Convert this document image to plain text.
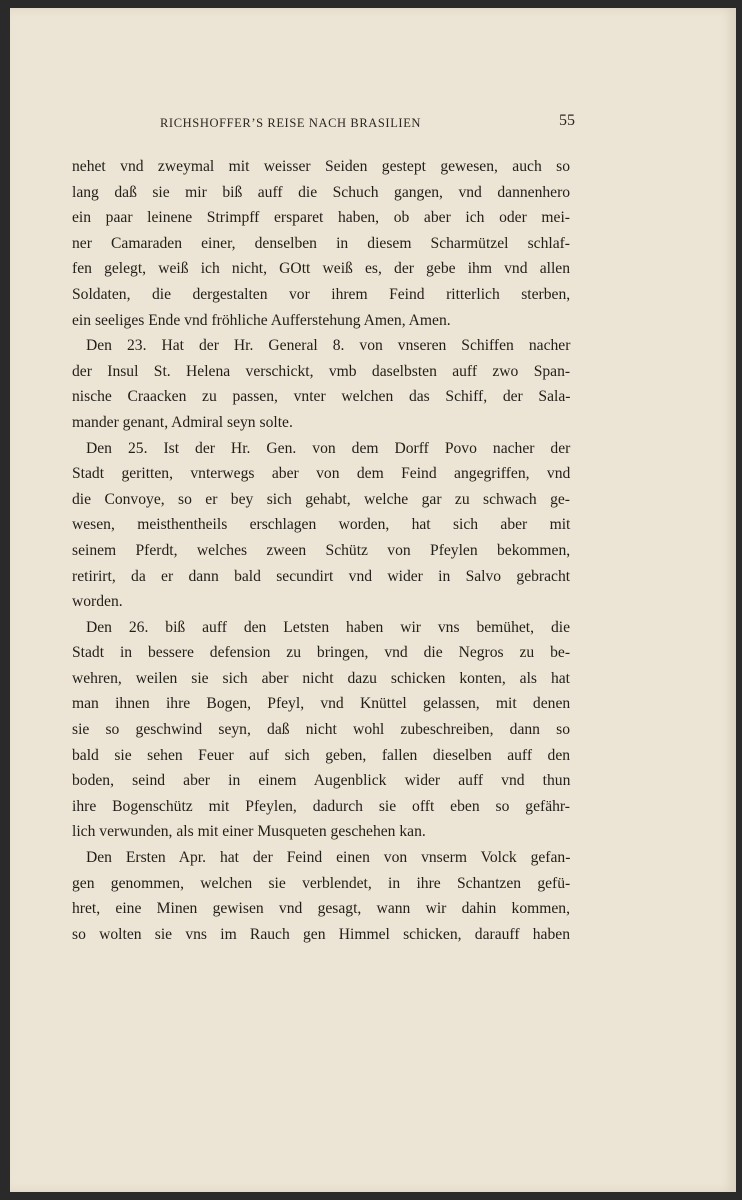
RICHSHOFFER’S REISE NACH BRASILIEN	55

nehet vnd zweymal mit weisser Seiden gestept gewesen, auch so
lang daß sie mir biß auff die Schuch gangen, vnd dannenhero
ein paar leinene Strimpff ersparet haben, ob aber ich oder mei-
ner Camaraden einer, denselben in diesem Scharmützel schlaf-
fen gelegt, weiß ich nicht, GOtt weiß es, der gebe ihm vnd allen
Soldaten, die dergestalten vor ihrem Feind ritterlich sterben,
ein seeliges Ende vnd fröhliche Aufferstehung Amen, Amen.

Den 23. Hat der Hr. General 8. von vnseren Schiffen nacher
der Insul St. Helena verschickt, vmb daselbsten auff zwo Span-
nische Craacken zu passen, vnter welchen das Schiff, der Sala-
mander genant, Admiral seyn solte.

Den 25. Ist der Hr. Gen. von dem Dorff Povo nacher der
Stadt geritten, vnterwegs aber von dem Feind angegriffen, vnd
die Convoye, so er bey sich gehabt, welche gar zu schwach ge-
wesen, meisthentheils erschlagen worden, hat sich aber mit
seinem Pferdt, welches zween Schütz von Pfeylen bekommen,
retirirt, da er dann bald secundirt vnd wider in Salvo gebracht
worden.

Den 26. biß auff den Letsten haben wir vns bemühet, die
Stadt in bessere defension zu bringen, vnd die Negros zu be-
wehren, weilen sie sich aber nicht dazu schicken konten, als hat
man ihnen ihre Bogen, Pfeyl, vnd Knüttel gelassen, mit denen
sie so geschwind seyn, daß nicht wohl zubeschreiben, dann so
bald sie sehen Feuer auf sich geben, fallen dieselben auff den
boden, seind aber in einem Augenblick wider auff vnd thun
ihre Bogenschütz mit Pfeylen, dadurch sie offt eben so gefähr-
lich verwunden, als mit einer Musqueten geschehen kan.

Den Ersten Apr. hat der Feind einen von vnserm Volck gefan-
gen genommen, welchen sie verblendet, in ihre Schantzen gefü-
hret, eine Minen gewisen vnd gesagt, wann wir dahin kommen,
so wolten sie vns im Rauch gen Himmel schicken, darauff haben
